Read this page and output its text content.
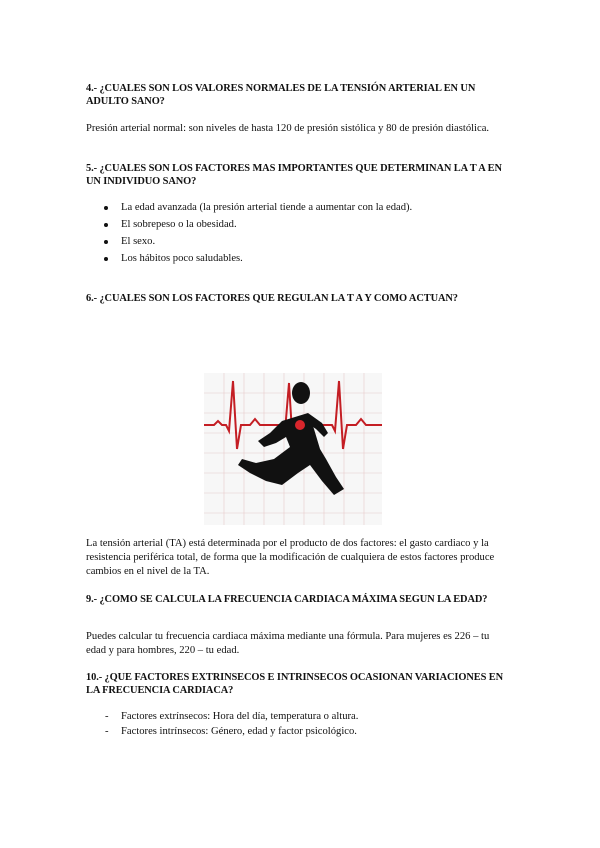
4.- ¿CUALES SON LOS VALORES NORMALES DE LA TENSIÓN ARTERIAL EN UN ADULTO SANO?
Presión arterial normal: son niveles de hasta 120 de presión sistólica y 80 de presión diastólica.
5.- ¿CUALES SON LOS FACTORES MAS IMPORTANTES QUE DETERMINAN LA T A EN UN INDIVIDUO SANO?
La edad avanzada (la presión arterial tiende a aumentar con la edad).
El sobrepeso o la obesidad.
El sexo.
Los hábitos poco saludables.
6.- ¿CUALES SON LOS FACTORES QUE REGULAN LA T A Y COMO ACTUAN?
La tensión arterial (TA) está determinada por el producto de dos factores: el gasto cardiaco y la resistencia periférica total, de forma que la modificación de cualquiera de estos factores produce cambios en el nivel de la TA.
9.- ¿COMO SE CALCULA LA FRECUENCIA CARDIACA MÁXIMA SEGUN LA EDAD?
Puedes calcular tu frecuencia cardiaca máxima mediante una fórmula. Para mujeres es 226 – tu edad y para hombres, 220 – tu edad.
10.- ¿QUE FACTORES EXTRINSECOS E INTRINSECOS OCASIONAN VARIACIONES EN LA FRECUENCIA CARDIACA?
- Factores extrínsecos: Hora del día, temperatura o altura.
- Factores intrínsecos: Género, edad y factor psicológico.
